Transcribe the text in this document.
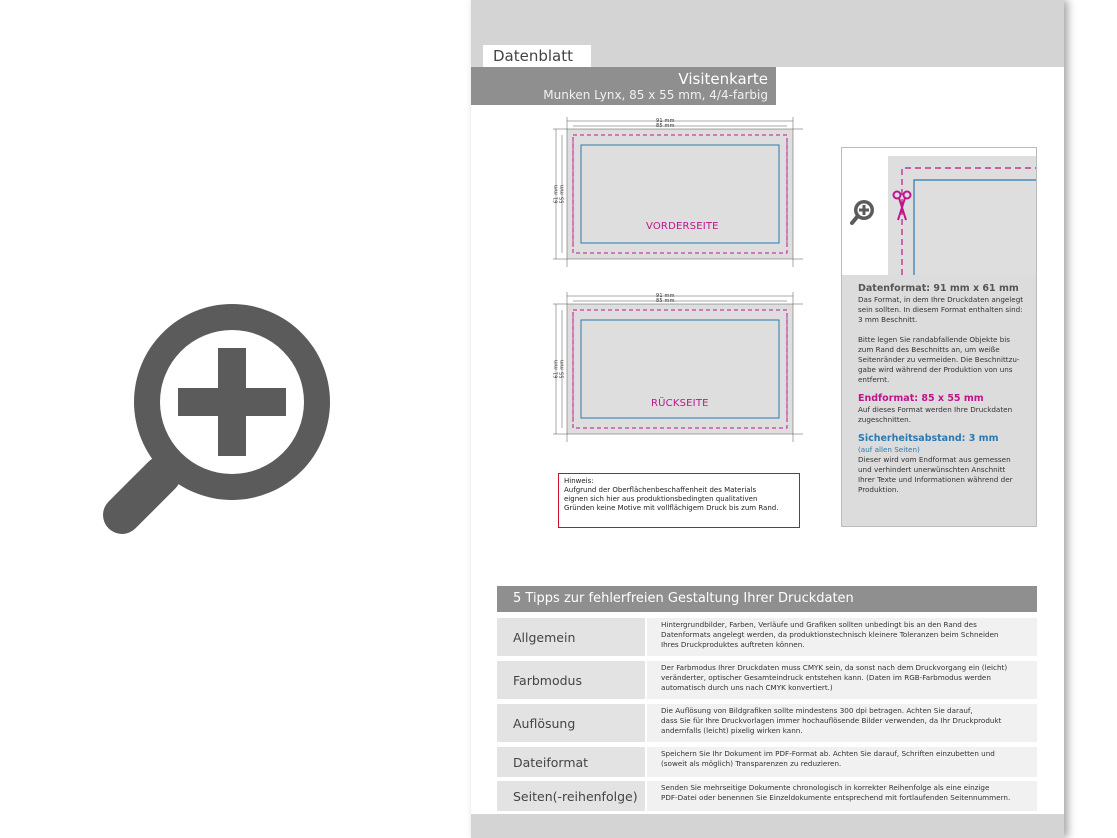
Datenblatt
Visitenkarte
Munken Lynx, 85 x 55 mm, 4/4-farbig
91 mm
85 mm
61 mm 55 mm
VORDERSEITE
91 mm
85 mm
61 mm 55 mm
RÜCKSEITE
Hinweis:
Aufgrund der Oberflächenbeschaffenheit des Materials
eignen sich hier aus produktionsbedingten qualitativen
Gründen keine Motive mit vollflächigem Druck bis zum Rand.
Datenformat: 91 mm x 61 mm
Das Format, in dem Ihre Druckdaten angelegt
sein sollten. In diesem Format enthalten sind:
3 mm Beschnitt.
Bitte legen Sie randabfallende Objekte bis
zum Rand des Beschnitts an, um weiße
Seitenränder zu vermeiden. Die Beschnittzu-
gabe wird während der Produktion von uns
entfernt.
Endformat: 85 x 55 mm
Auf dieses Format werden Ihre Druckdaten
zugeschnitten.
Sicherheitsabstand: 3 mm
(auf allen Seiten)
Dieser wird vom Endformat aus gemessen
und verhindert unerwünschten Anschnitt
Ihrer Texte und Informationen während der
Produktion.
5 Tipps zur fehlerfreien Gestaltung Ihrer Druckdaten
Allgemein
Hintergrundbilder, Farben, Verläufe und Grafiken sollten unbedingt bis an den Rand des
Datenformats angelegt werden, da produktionstechnisch kleinere Toleranzen beim Schneiden
Ihres Druckproduktes auftreten können.
Farbmodus
Der Farbmodus Ihrer Druckdaten muss CMYK sein, da sonst nach dem Druckvorgang ein (leicht)
veränderter, optischer Gesamteindruck entstehen kann. (Daten im RGB-Farbmodus werden
automatisch durch uns nach CMYK konvertiert.)
Auflösung
Die Auflösung von Bildgrafiken sollte mindestens 300 dpi betragen. Achten Sie darauf,
dass Sie für Ihre Druckvorlagen immer hochauflösende Bilder verwenden, da Ihr Druckprodukt
andernfalls (leicht) pixelig wirken kann.
Dateiformat
Speichern Sie Ihr Dokument im PDF-Format ab. Achten Sie darauf, Schriften einzubetten und
(soweit als möglich) Transparenzen zu reduzieren.
Seiten(-reihenfolge)
Senden Sie mehrseitige Dokumente chronologisch in korrekter Reihenfolge als eine einzige
PDF-Datei oder benennen Sie Einzeldokumente entsprechend mit fortlaufenden Seitennummern.
